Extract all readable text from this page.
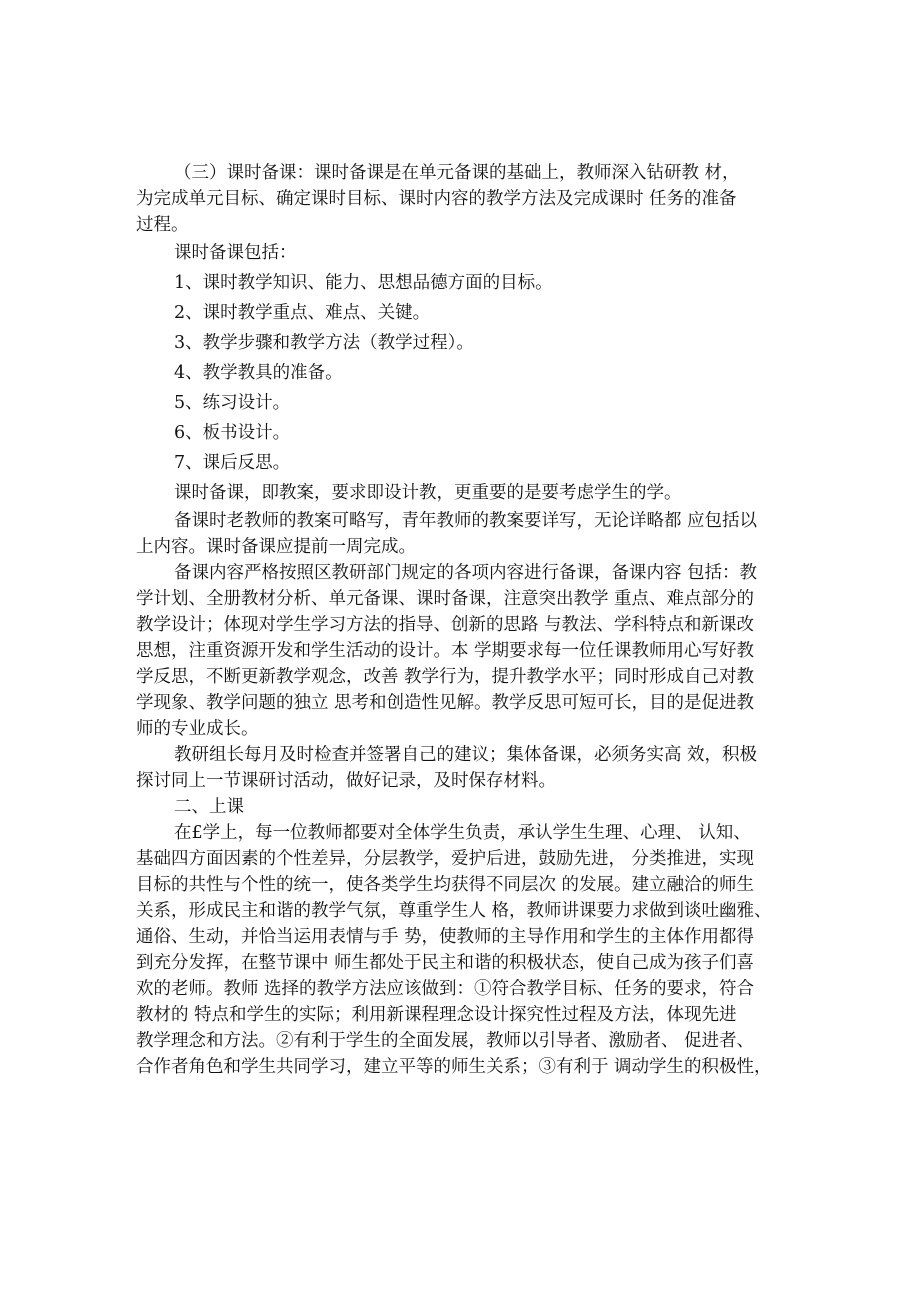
（三）课时备课：课时备课是在单元备课的基础上，教师深入钻研教 材，
为完成单元目标、确定课时目标、课时内容的教学方法及完成课时 任务的准备
过程。
课时备课包括：
1、课时教学知识、能力、思想品德方面的目标。
2、课时教学重点、难点、关键。
3、教学步骤和教学方法（教学过程）。
4、教学教具的准备。
5、练习设计。
6、板书设计。
7、课后反思。
课时备课，即教案，要求即设计教，更重要的是要考虑学生的学。
备课时老教师的教案可略写，青年教师的教案要详写，无论详略都 应包括以
上内容。课时备课应提前一周完成。
备课内容严格按照区教研部门规定的各项内容进行备课，备课内容 包括：教
学计划、全册教材分析、单元备课、课时备课，注意突出教学 重点、难点部分的
教学设计；体现对学生学习方法的指导、创新的思路 与教法、学科特点和新课改
思想，注重资源开发和学生活动的设计。本 学期要求每一位任课教师用心写好教
学反思，不断更新教学观念，改善 教学行为，提升教学水平；同时形成自己对教
学现象、教学问题的独立 思考和创造性见解。教学反思可短可长，目的是促进教
师的专业成长。
教研组长每月及时检查并签署自己的建议；集体备课，必须务实高 效，积极
探讨同上一节课研讨活动，做好记录，及时保存材料。
二、上课
在£学上，每一位教师都要对全体学生负责，承认学生生理、心理、 认知、
基础四方面因素的个性差异，分层教学，爱护后进，鼓励先进， 分类推进，实现
目标的共性与个性的统一，使各类学生均获得不同层次 的发展。建立融洽的师生
关系，形成民主和谐的教学气氛，尊重学生人 格，教师讲课要力求做到谈吐幽雅、
通俗、生动，并恰当运用表情与手 势，使教师的主导作用和学生的主体作用都得
到充分发挥，在整节课中 师生都处于民主和谐的积极状态，使自己成为孩子们喜
欢的老师。教师 选择的教学方法应该做到：①符合教学目标、任务的要求，符合
教材的 特点和学生的实际；利用新课程理念设计探究性过程及方法，体现先进
教学理念和方法。②有利于学生的全面发展，教师以引导者、激励者、 促进者、
合作者角色和学生共同学习，建立平等的师生关系；③有利于 调动学生的积极性，
